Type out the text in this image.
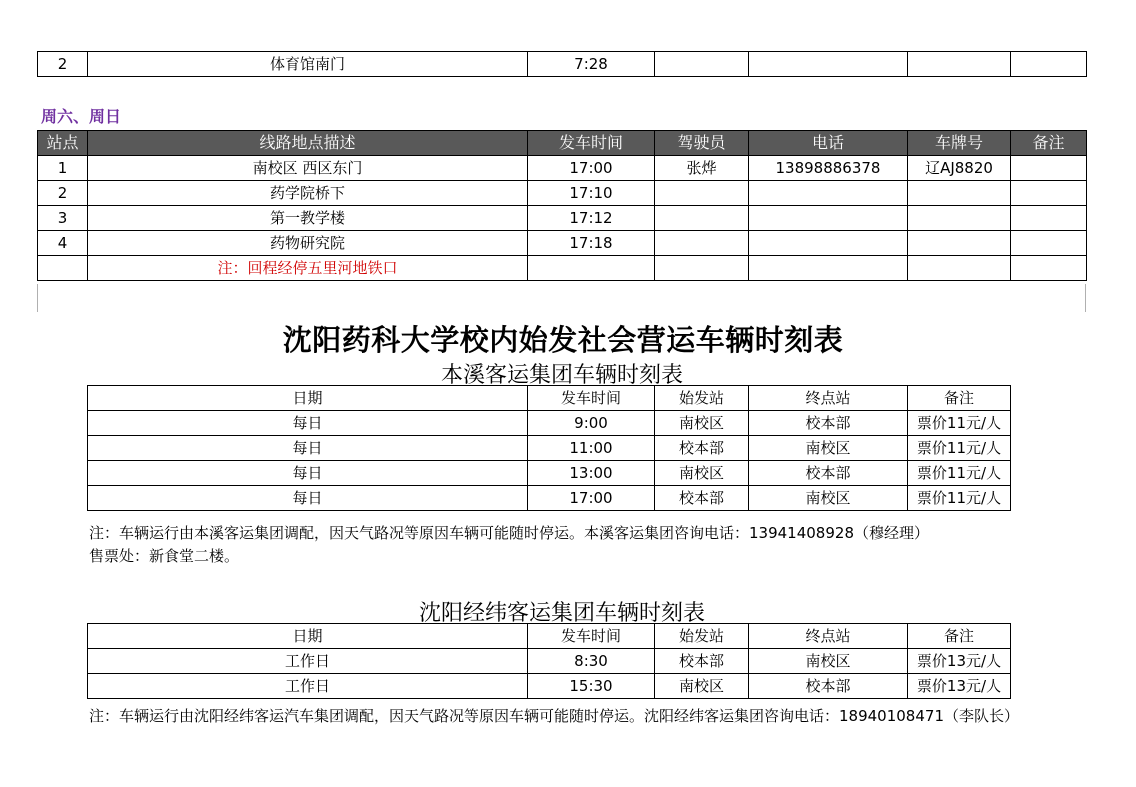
2	体育馆南门	7:28				
周六、周日
站点	线路地点描述	发车时间	驾驶员	电话	车牌号	备注
1	南校区 西区东门	17:00	张烨	13898886378	辽AJ8820	
2	药学院桥下	17:10				
3	第一教学楼	17:12				
4	药物研究院	17:18				
	注：回程经停五里河地铁口					
沈阳药科大学校内始发社会营运车辆时刻表
本溪客运集团车辆时刻表
日期	发车时间	始发站	终点站	备注
每日	9:00	南校区	校本部	票价11元/人
每日	11:00	校本部	南校区	票价11元/人
每日	13:00	南校区	校本部	票价11元/人
每日	17:00	校本部	南校区	票价11元/人
注：车辆运行由本溪客运集团调配，因天气路况等原因车辆可能随时停运。本溪客运集团咨询电话：13941408928（穆经理）
售票处：新食堂二楼。
沈阳经纬客运集团车辆时刻表
日期	发车时间	始发站	终点站	备注
工作日	8:30	校本部	南校区	票价13元/人
工作日	15:30	南校区	校本部	票价13元/人
注：车辆运行由沈阳经纬客运汽车集团调配，因天气路况等原因车辆可能随时停运。沈阳经纬客运集团咨询电话：18940108471（李队长）
